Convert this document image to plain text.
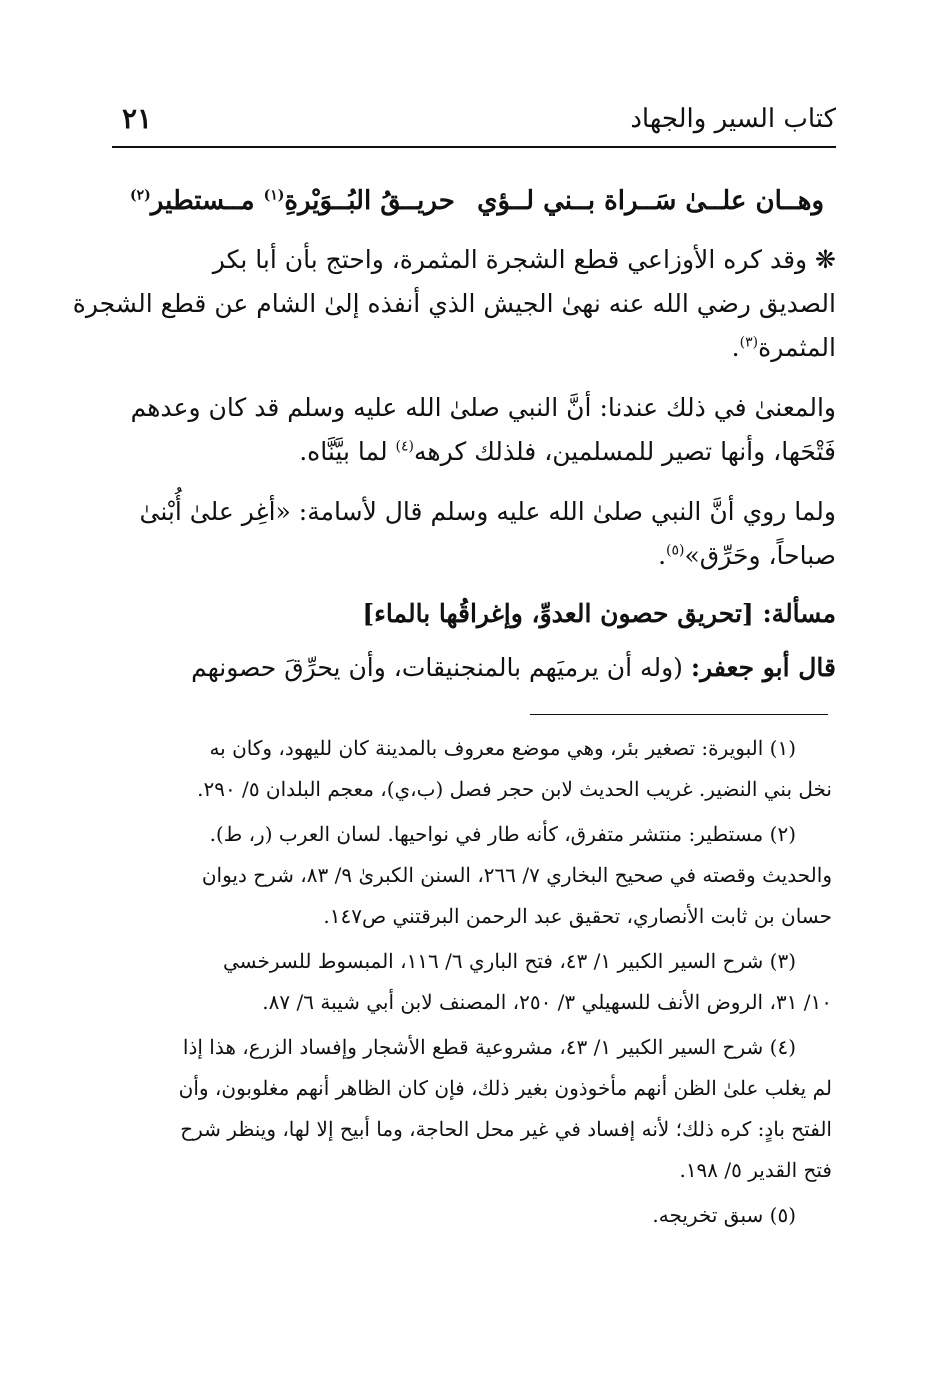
كتاب السير والجهاد
٢١
وهــان علــىٰ سَــراة بــني لــؤي
حريــقُ البُــوَيْرةِ$^{(١)}$ مــستطير$^{(٢)}$
❋ وقد كره الأوزاعي قطع الشجرة المثمرة، واحتج بأن أبا بكر
الصديق رضي الله عنه نهىٰ الجيش الذي أنفذه إلىٰ الشام عن قطع الشجرة
المثمرة$^{(٣)}$.
والمعنىٰ في ذلك عندنا: أنَّ النبي صلىٰ الله عليه وسلم قد كان وعدهم
فَتْحَها، وأنها تصير للمسلمين، فلذلك كرهه$^{(٤)}$ لما بيَّنَّاه.
ولما روي أنَّ النبي صلىٰ الله عليه وسلم قال لأسامة: «أغِر علىٰ أُبْنىٰ
صباحاً، وحَرِّق»$^{(٥)}$.
مسألة: [تحريق حصون العدوِّ، وإغراقُها بالماء]
قال أبو جعفر: (وله أن يرميَهم بالمنجنيقات، وأن يحرِّقَ حصونهم
(١) البويرة: تصغير بئر، وهي موضع معروف بالمدينة كان لليهود، وكان به
نخل بني النضير. غريب الحديث لابن حجر فصل (ب،ي)، معجم البلدان ٥/ ٢٩٠.
(٢) مستطير: منتشر متفرق، كأنه طار في نواحيها. لسان العرب (ر، ط).
والحديث وقصته في صحيح البخاري ٧/ ٢٦٦، السنن الكبرىٰ ٩/ ٨٣، شرح ديوان
حسان بن ثابت الأنصاري، تحقيق عبد الرحمن البرقتني ص١٤٧.
(٣) شرح السير الكبير ١/ ٤٣، فتح الباري ٦/ ١١٦، المبسوط للسرخسي
١٠/ ٣١، الروض الأنف للسهيلي ٣/ ٢٥٠، المصنف لابن أبي شيبة ٦/ ٨٧.
(٤) شرح السير الكبير ١/ ٤٣، مشروعية قطع الأشجار وإفساد الزرع، هذا إذا
لم يغلب علىٰ الظن أنهم مأخوذون بغير ذلك، فإن كان الظاهر أنهم مغلوبون، وأن
الفتح بادٍ: كره ذلك؛ لأنه إفساد في غير محل الحاجة، وما أبيح إلا لها، وينظر شرح
فتح القدير ٥/ ١٩٨.
(٥) سبق تخريجه.
